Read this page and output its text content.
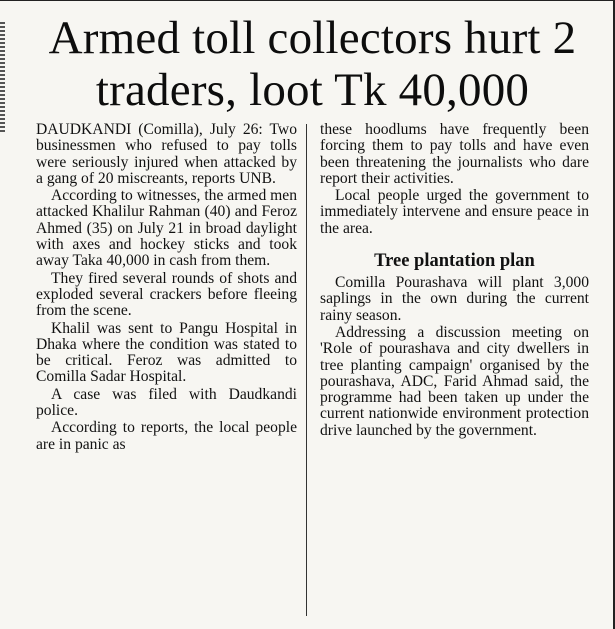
Armed toll collectors hurt 2 traders, loot Tk 40,000

DAUDKANDI (Comilla), July 26: Two businessmen who refused to pay tolls were seriously injured when attacked by a gang of 20 miscreants, reports UNB.

According to witnesses, the armed men attacked Khalilur Rahman (40) and Feroz Ahmed (35) on July 21 in broad daylight with axes and hockey sticks and took away Taka 40,000 in cash from them.

They fired several rounds of shots and exploded several crackers before fleeing from the scene.

Khalil was sent to Pangu Hospital in Dhaka where the condition was stated to be critical. Feroz was admitted to Comilla Sadar Hospital.

A case was filed with Daudkandi police.

According to reports, the local people are in panic as

these hoodlums have frequently been forcing them to pay tolls and have even been threatening the journalists who dare report their activities.

Local people urged the government to immediately intervene and ensure peace in the area.

Tree plantation plan

Comilla Pourashava will plant 3,000 saplings in the own during the current rainy season.

Addressing a discussion meeting on 'Role of pourashava and city dwellers in tree planting campaign' organised by the pourashava, ADC, Farid Ahmad said, the programme had been taken up under the current nationwide environment protection drive launched by the government.
